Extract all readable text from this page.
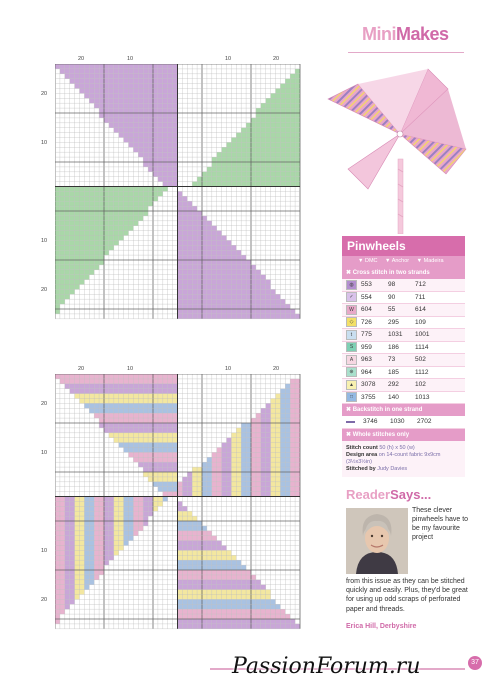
MiniMakes
20	10	10	20
20
10
10
20
20	10	10	20
20
10
10
20
Pinwheels
▼ DMC ▼ Anchor ▼ Madeira
✖ Cross stitch in two strands
◍	553	98	712
✓	554	90	711
W	604	55	614
◇	726	295	109
t	775	1031	1001
S	959	186	1114
A	963	73	502
⊕	964	185	1112
▲	3078	292	102
□	3755	140	1013
✖ Backstitch in one strand
3746	1030	2702
✖ Whole stitches only
Stitch count 50 (h) x 50 (w)
Design area on 14-count fabric 9x9cm (3½x3½in)
Stitched by Judy Davies
ReaderSays...
These clever pinwheels have to be my favourite project
from this issue as they can be stitched quickly and easily. Plus, they'd be great for using up odd scraps of perforated paper and threads.
Erica Hill, Derbyshire
PassionForum.ru	37
